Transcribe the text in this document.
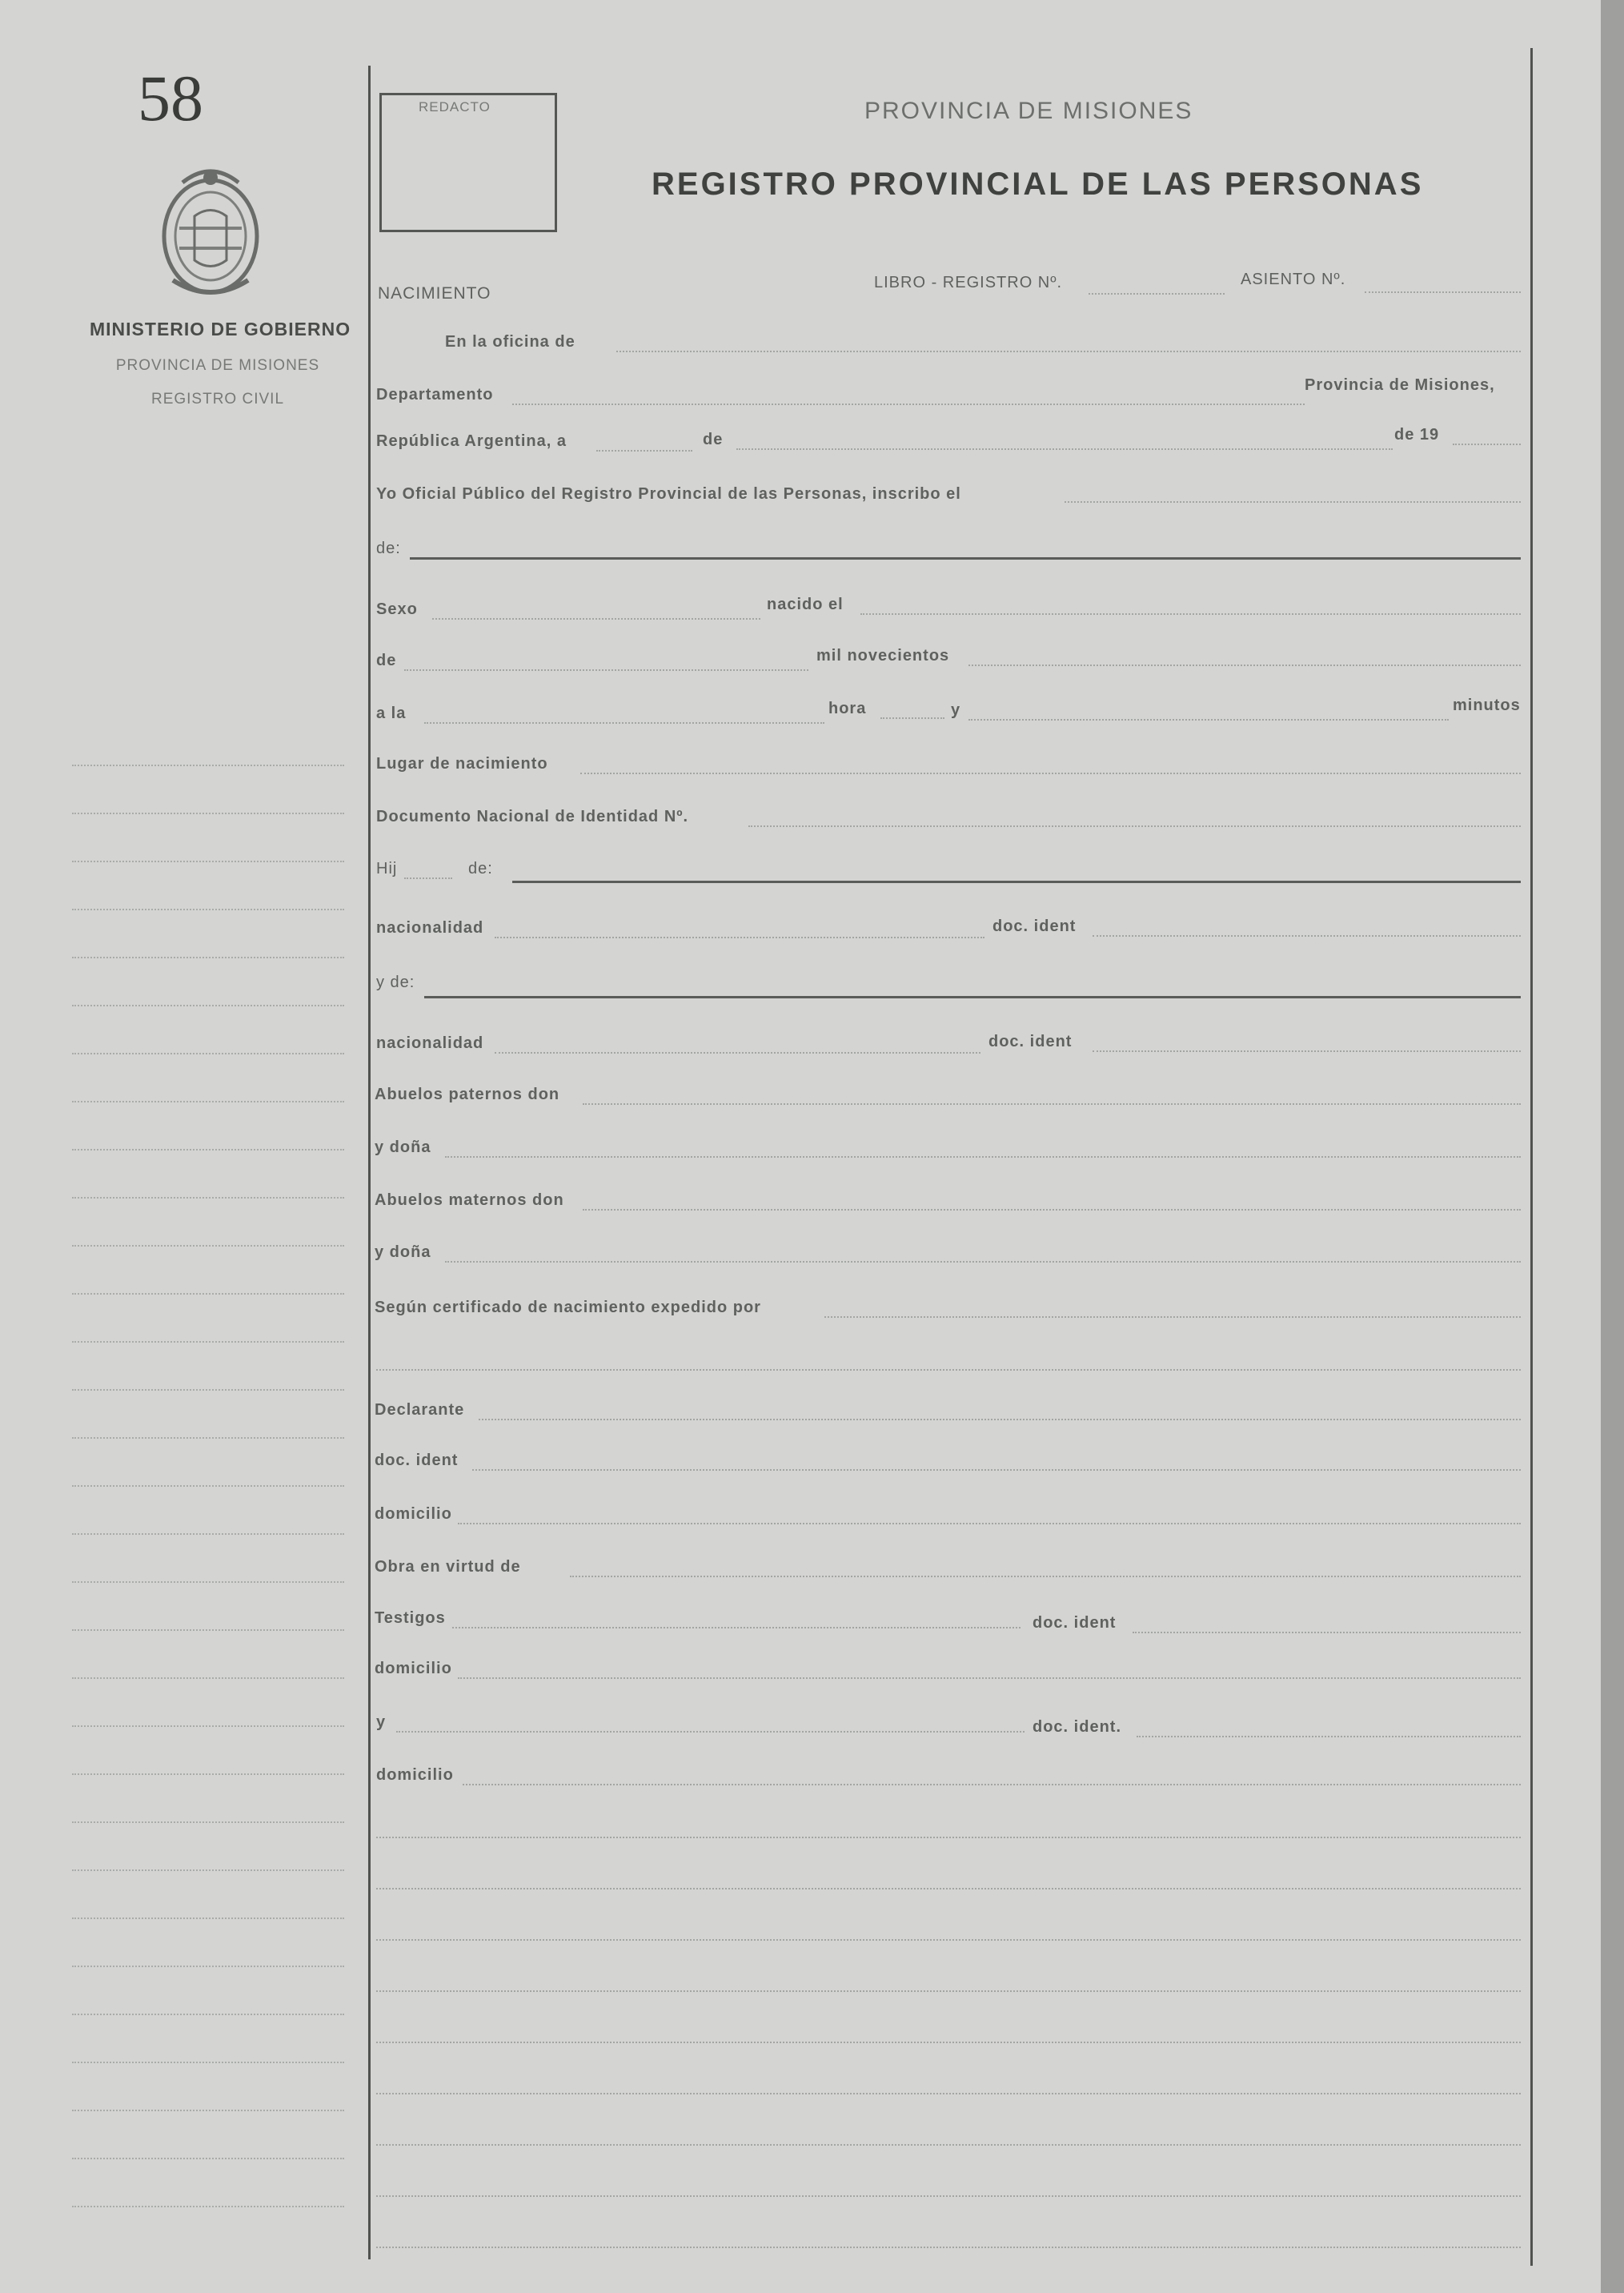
58
MINISTERIO DE GOBIERNO
PROVINCIA DE MISIONES
REGISTRO CIVIL
REDACTO	PROVINCIA DE MISIONES
REGISTRO PROVINCIAL DE LAS PERSONAS
NACIMIENTO
LIBRO - REGISTRO Nº.	ASIENTO Nº.
En la oficina de
Departamento
Provincia de Misiones,
República Argentina, a	de	de 19
Yo Oficial Público del Registro Provincial de las Personas, inscribo el
de:
Sexo	nacido el
de	mil novecientos
a la	hora	y	minutos
Lugar de nacimiento
Documento Nacional de Identidad Nº.
Hij	de:
nacionalidad	doc. ident
y de:
nacionalidad	doc. ident
Abuelos paternos don
y doña
Abuelos maternos don
y doña
Según certificado de nacimiento expedido por
Declarante
doc. ident
domicilio
Obra en virtud de
Testigos	doc. ident
domicilio
y	doc. ident.
domicilio
